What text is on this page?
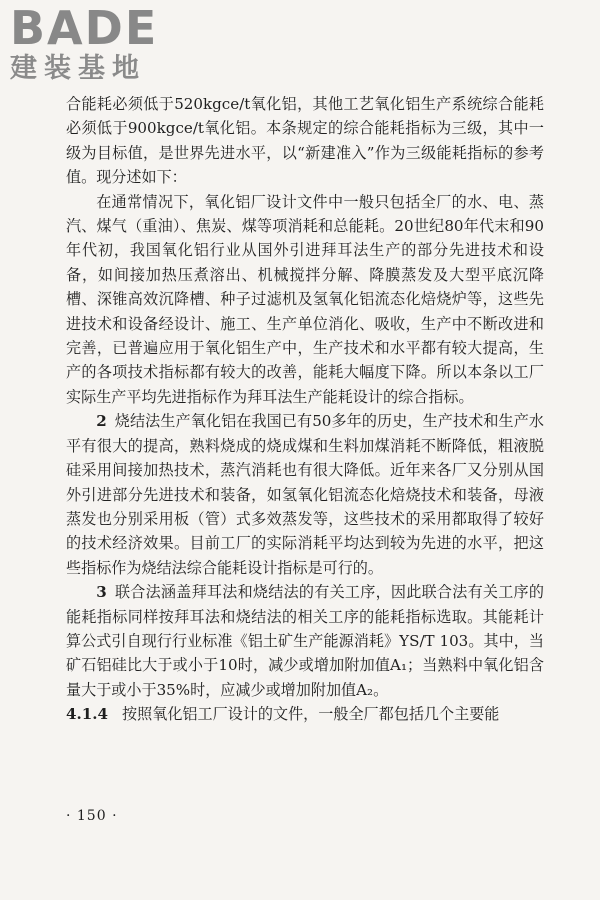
BADE
建装基地

合能耗必须低于520kgce/t氧化铝，其他工艺氧化铝生产系统综合能耗必须低于900kgce/t氧化铝。本条规定的综合能耗指标为三级，其中一级为目标值，是世界先进水平，以“新建准入”作为三级能耗指标的参考值。现分述如下：

在通常情况下，氧化铝厂设计文件中一般只包括全厂的水、电、蒸汽、煤气（重油）、焦炭、煤等项消耗和总能耗。20世纪80年代末和90年代初，我国氧化铝行业从国外引进拜耳法生产的部分先进技术和设备，如间接加热压煮溶出、机械搅拌分解、降膜蒸发及大型平底沉降槽、深锥高效沉降槽、种子过滤机及氢氧化铝流态化焙烧炉等，这些先进技术和设备经设计、施工、生产单位消化、吸收，生产中不断改进和完善，已普遍应用于氧化铝生产中，生产技术和水平都有较大提高，生产的各项技术指标都有较大的改善，能耗大幅度下降。所以本条以工厂实际生产平均先进指标作为拜耳法生产能耗设计的综合指标。

2 烧结法生产氧化铝在我国已有50多年的历史，生产技术和生产水平有很大的提高，熟料烧成的烧成煤和生料加煤消耗不断降低，粗液脱硅采用间接加热技术，蒸汽消耗也有很大降低。近年来各厂又分别从国外引进部分先进技术和装备，如氢氧化铝流态化焙烧技术和装备，母液蒸发也分别采用板（管）式多效蒸发等，这些技术的采用都取得了较好的技术经济效果。目前工厂的实际消耗平均达到较为先进的水平，把这些指标作为烧结法综合能耗设计指标是可行的。

3 联合法涵盖拜耳法和烧结法的有关工序，因此联合法有关工序的能耗指标同样按拜耳法和烧结法的相关工序的能耗指标选取。其能耗计算公式引自现行行业标准《铝土矿生产能源消耗》YS/T 103。其中，当矿石铝硅比大于或小于10时，减少或增加附加值A₁；当熟料中氧化铝含量大于或小于35%时，应减少或增加附加值A₂。

4.1.4 按照氧化铝工厂设计的文件，一般全厂都包括几个主要能

· 150 ·
